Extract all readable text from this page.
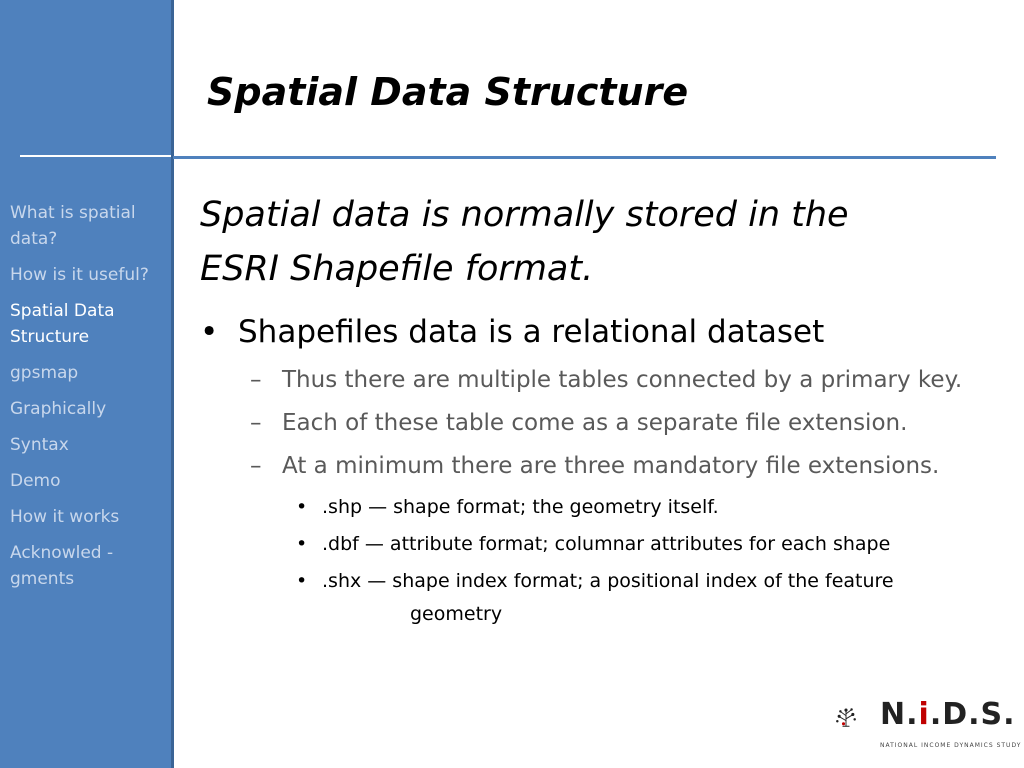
What is spatial data?
How is it useful?
Spatial Data Structure
gpsmap
Graphically
Syntax
Demo
How it works
Acknowled - gments
Spatial Data Structure

Spatial data is normally stored in the ESRI Shapefile format.

• Shapefiles data is a relational dataset
– Thus there are multiple tables connected by a primary key.
– Each of these table come as a separate file extension.
– At a minimum there are three mandatory file extensions.
• .shp — shape format; the geometry itself.
• .dbf — attribute format; columnar attributes for each shape
• .shx — shape index format; a positional index of the feature
geometry
N.i.D.S.
NATIONAL INCOME DYNAMICS STUDY
